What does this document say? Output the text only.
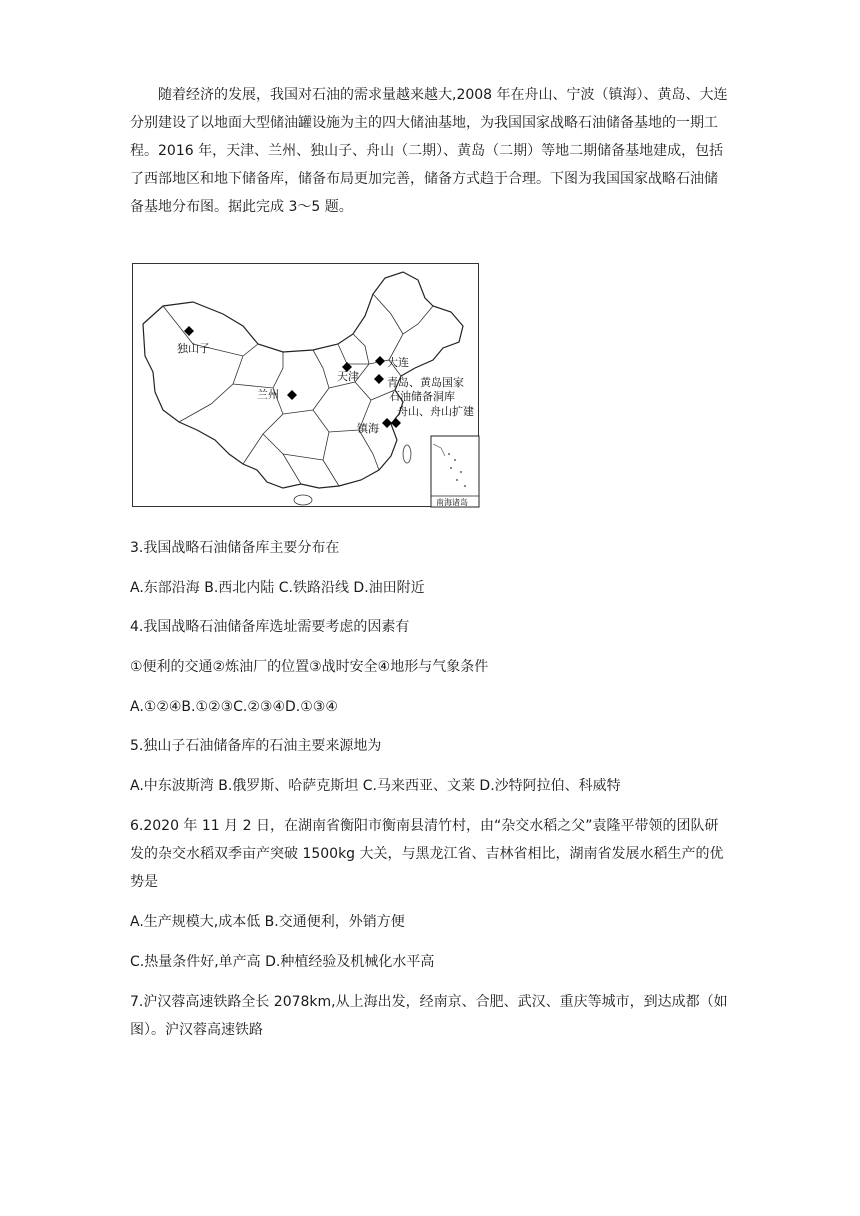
随着经济的发展，我国对石油的需求量越来越大,2008 年在舟山、宁波（镇海）、黄岛、大连分别建设了以地面大型储油罐设施为主的四大储油基地，为我国国家战略石油储备基地的一期工程。2016 年，天津、兰州、独山子、舟山（二期）、黄岛（二期）等地二期储备基地建成，包括了西部地区和地下储备库，储备布局更加完善，储备方式趋于合理。下图为我国国家战略石油储备基地分布图。据此完成 3～5 题。

南海诸岛
独山子
兰州
大连
天津	青岛、黄岛国家
石油储备洞库
舟山、舟山扩建
镇海

3.我国战略石油储备库主要分布在

A.东部沿海 B.西北内陆 C.铁路沿线 D.油田附近

4.我国战略石油储备库选址需要考虑的因素有

①便利的交通②炼油厂的位置③战时安全④地形与气象条件

A.①②④B.①②③C.②③④D.①③④

5.独山子石油储备库的石油主要来源地为

A.中东波斯湾 B.俄罗斯、哈萨克斯坦 C.马来西亚、文莱 D.沙特阿拉伯、科威特

6.2020 年 11 月 2 日，在湖南省衡阳市衡南县清竹村，由“杂交水稻之父”袁隆平带领的团队研发的杂交水稻双季亩产突破 1500kg 大关，与黑龙江省、吉林省相比，湖南省发展水稻生产的优势是

A.生产规模大,成本低 B.交通便利，外销方便

C.热量条件好,单产高 D.种植经验及机械化水平高

7.沪汉蓉高速铁路全长 2078km,从上海出发，经南京、合肥、武汉、重庆等城市，到达成都（如图）。沪汉蓉高速铁路
